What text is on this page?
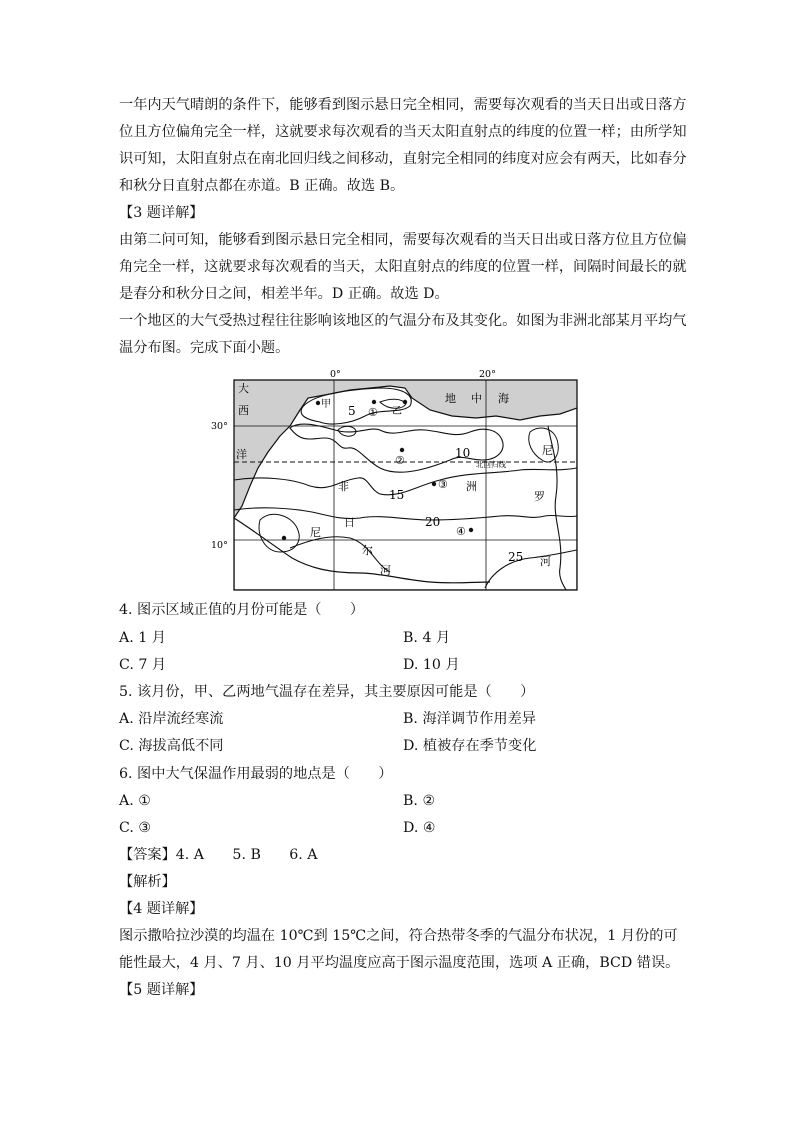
一年内天气晴朗的条件下，能够看到图示悬日完全相同，需要每次观看的当天日出或日落方
位且方位偏角完全一样，这就要求每次观看的当天太阳直射点的纬度的位置一样；由所学知
识可知，太阳直射点在南北回归线之间移动，直射完全相同的纬度对应会有两天，比如春分
和秋分日直射点都在赤道。B 正确。故选 B。
【3 题详解】
由第二问可知，能够看到图示悬日完全相同，需要每次观看的当天日出或日落方位且方位偏
角完全一样，这就要求每次观看的当天，太阳直射点的纬度的位置一样，间隔时间最长的就
是春分和秋分日之间，相差半年。D 正确。故选 D。
一个地区的大气受热过程往往影响该地区的气温分布及其变化。如图为非洲北部某月平均气
温分布图。完成下面小题。
0°	20°
30°
10°
大
西
洋
地 中 海
尼
罗
河
非	洲
尼
日
尔
河
北回归线
5
10
15
20
25
甲
乙
①
②
③
④
4. 图示区域正值的月份可能是（　　）
A. 1 月	B. 4 月
C. 7 月	D. 10 月
5. 该月份，甲、乙两地气温存在差异，其主要原因可能是（　　）
A. 沿岸流经寒流	B. 海洋调节作用差异
C. 海拔高低不同	D. 植被存在季节变化
6. 图中大气保温作用最弱的地点是（　　）
A. ①	B. ②
C. ③	D. ④
【答案】4. A　　5. B　　6. A
【解析】
【4 题详解】
图示撒哈拉沙漠的均温在 10℃到 15℃之间，符合热带冬季的气温分布状况，1 月份的可
能性最大，4 月、7 月、10 月平均温度应高于图示温度范围，选项 A 正确，BCD 错误。
【5 题详解】
